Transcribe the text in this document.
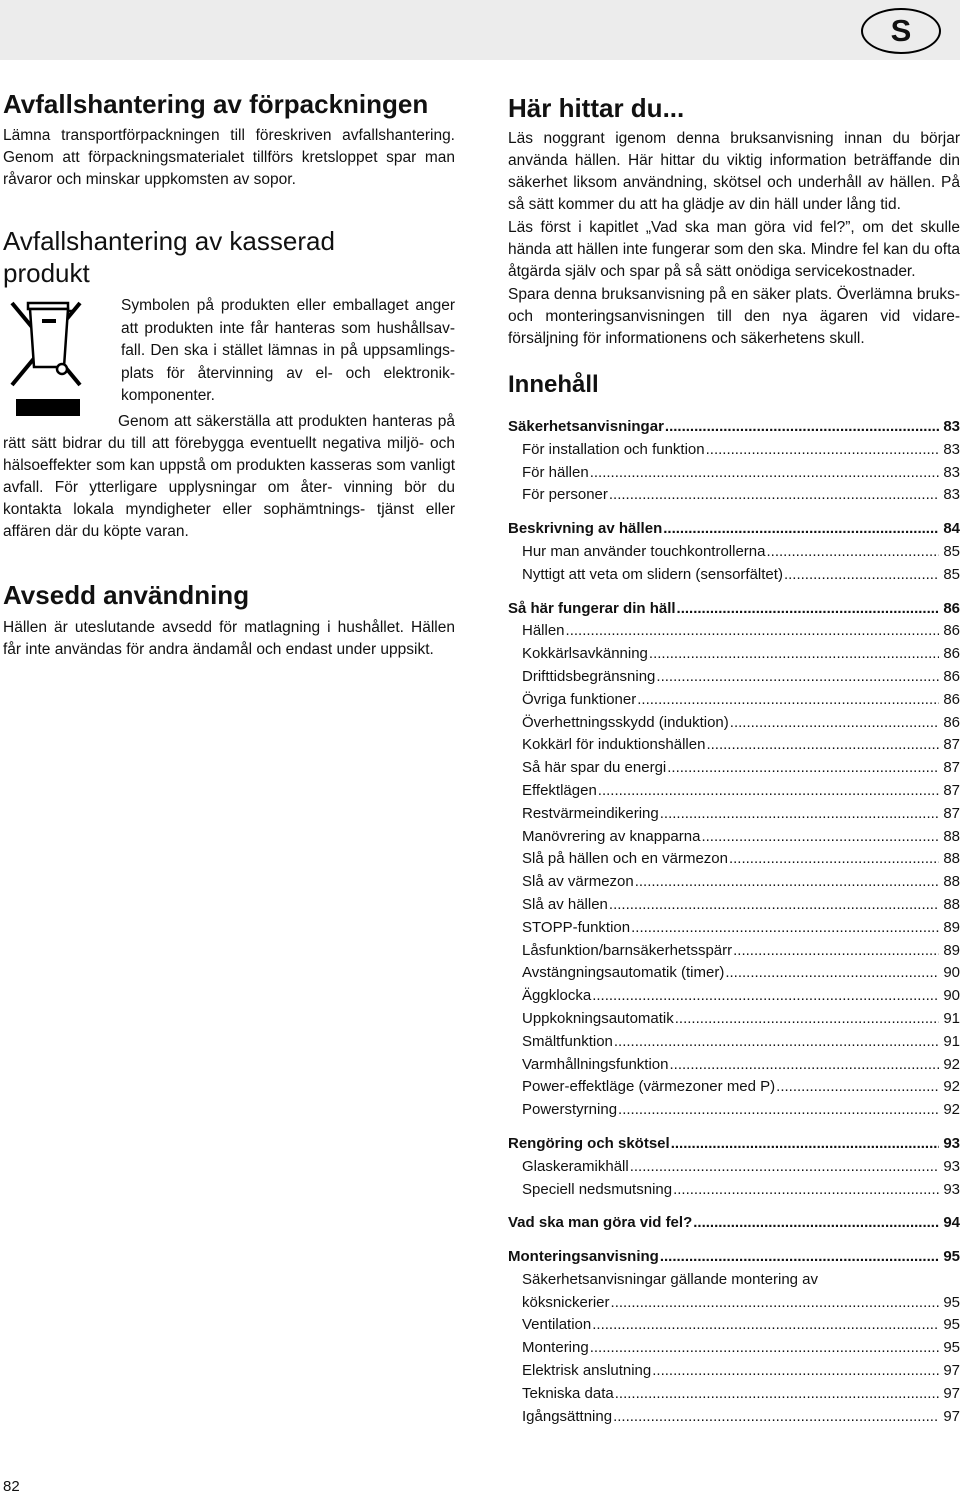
S
Avfallshantering av förpackningen

Lämna transportförpackningen till föreskriven avfallshantering. Genom att förpackningsmaterialet tillförs kretsloppet spar man råvaror och minskar uppkomsten av sopor.

Avfallshantering av kasserad
produkt

Symbolen på produkten eller emballaget anger att produkten inte får hanteras som hushållsav- fall. Den ska i stället lämnas in på uppsamlings- plats för återvinning av el- och elektronik- komponenter.

Genom att säkerställa att produkten hanteras på rätt sätt bidrar du till att förebygga eventuellt negativa miljö- och hälsoeffekter som kan uppstå om produkten kasseras som vanligt avfall. För ytterligare upplysningar om åter- vinning bör du kontakta lokala myndigheter eller sophämtnings- tjänst eller affären där du köpte varan.

Avsedd användning

Hällen är uteslutande avsedd för matlagning i hushållet. Hällen får inte användas för andra ändamål och endast under uppsikt.

Här hittar du...

Läs noggrant igenom denna bruksanvisning innan du börjar använda hällen. Här hittar du viktig information beträffande din säkerhet liksom användning, skötsel och underhåll av hällen. På så sätt kommer du att ha glädje av din häll under lång tid.

Läs först i kapitlet „Vad ska man göra vid fel?”, om det skulle hända att hällen inte fungerar som den ska. Mindre fel kan du ofta åtgärda själv och spar på så sätt onödiga servicekostnader.

Spara denna bruksanvisning på en säker plats. Överlämna bruks- och monteringsanvisningen till den nya ägaren vid vidare-försäljning för informationens och säkerhetens skull.

Innehåll
Säkerhetsanvisningar .....	83
För installation och funktion .....	83
För hällen .....	83
För personer .....	83
Beskrivning av hällen .....	84
Hur man använder touchkontrollerna .....	85
Nyttigt att veta om slidern (sensorfältet) .....	85
Så här fungerar din häll .....	86
Hällen .....	86
Kokkärlsavkänning .....	86
Drifttidsbegränsning .....	86
Övriga funktioner .....	86
Överhettningsskydd (induktion) .....	86
Kokkärl för induktionshällen .....	87
Så här spar du energi .....	87
Effektlägen .....	87
Restvärmeindikering .....	87
Manövrering av knapparna .....	88
Slå på hällen och en värmezon .....	88
Slå av värmezon .....	88
Slå av hällen .....	88
STOPP-funktion .....	89
Låsfunktion/barnsäkerhetsspärr .....	89
Avstängningsautomatik (timer) .....	90
Äggklocka .....	90
Uppkokningsautomatik .....	91
Smältfunktion .....	91
Varmhållningsfunktion .....	92
Power-effektläge (värmezoner med P) .....	92
Powerstyrning .....	92
Rengöring och skötsel .....	93
Glaskeramikhäll .....	93
Speciell nedsmutsning .....	93
Vad ska man göra vid fel? .....	94
Monteringsanvisning .....	95
Säkerhetsanvisningar gällande montering av
köksnickerier .....	95
Ventilation .....	95
Montering .....	95
Elektrisk anslutning .....	97
Tekniska data .....	97
Igångsättning .....	97
82
